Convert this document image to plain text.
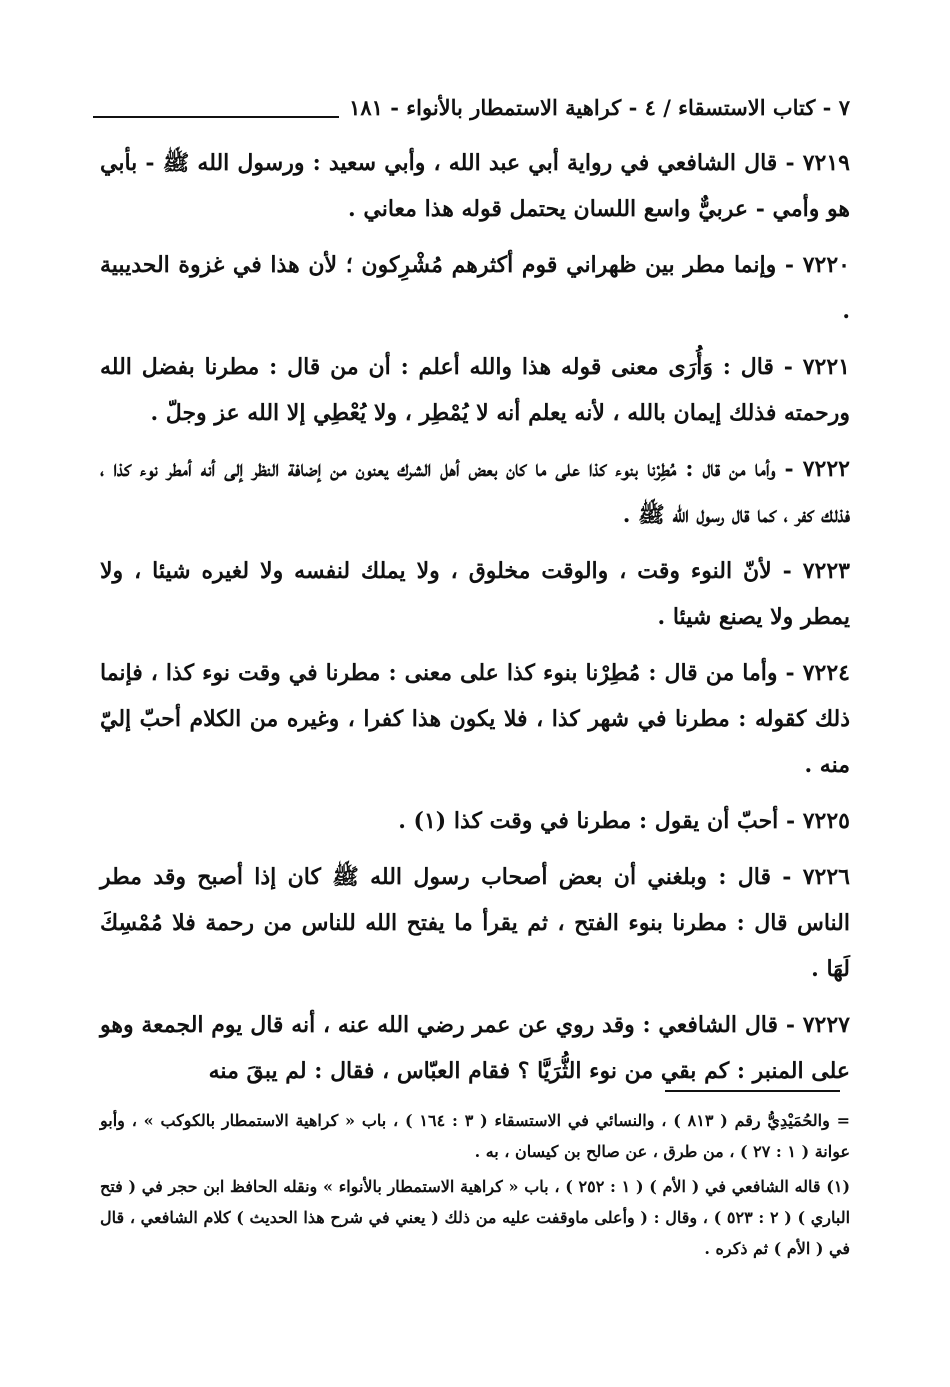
٧ - كتاب الاستسقاء / ٤ - كراهية الاستمطار بالأنواء - ١٨١

٧٢١٩ - قال الشافعي في رواية أبي عبد الله ، وأبي سعيد : ورسول الله ﷺ - بأبي هو وأمي - عربيٌّ واسع اللسان يحتمل قوله هذا معاني .

٧٢٢٠ - وإنما مطر بين ظهراني قوم أكثرهم مُشْرِكون ؛ لأن هذا في غزوة الحديبية .

٧٢٢١ - قال : وَأُرَى معنى قوله هذا والله أعلم : أن من قال : مطرنا بفضل الله ورحمته فذلك إيمان بالله ، لأنه يعلم أنه لا يُمْطِر ، ولا يُعْطِي إلا الله عز وجلّ .

٧٢٢٢ - وأما من قال : مُطِرْنا بنوء كذا على ما كان بعض أهل الشرك يعنون من إضافة النظر إلى أنه أمطر نوء كذا ، فذلك كفر ، كما قال رسول الله ﷺ .

٧٢٢٣ - لأنّ النوء وقت ، والوقت مخلوق ، ولا يملك لنفسه ولا لغيره شيئا ، ولا يمطر ولا يصنع شيئا .

٧٢٢٤ - وأما من قال : مُطِرْنا بنوء كذا على معنى : مطرنا في وقت نوء كذا ، فإنما ذلك كقوله : مطرنا في شهر كذا ، فلا يكون هذا كفرا ، وغيره من الكلام أحبّ إليّ منه .

٧٢٢٥ - أحبّ أن يقول : مطرنا في وقت كذا (١) .

٧٢٢٦ - قال : وبلغني أن بعض أصحاب رسول الله ﷺ كان إذا أصبح وقد مطر الناس قال : مطرنا بنوء الفتح ، ثم يقرأ ما يفتح الله للناس من رحمة فلا مُمْسِكَ لَهَا .

٧٢٢٧ - قال الشافعي : وقد روي عن عمر رضي الله عنه ، أنه قال يوم الجمعة وهو على المنبر : كم بقي من نوء الثُّرَيَّا ؟ فقام العبّاس ، فقال : لم يبقَ منه

= والحُمَيْدِيُّ رقم ( ٨١٣ ) ، والنسائي في الاستسقاء ( ٣ : ١٦٤ ) ، باب « كراهية الاستمطار بالكوكب » ، وأبو عوانة ( ١ : ٢٧ ) ، من طرق ، عن صالح بن كيسان ، به .

(١) قاله الشافعي في ( الأم ) ( ١ : ٢٥٢ ) ، باب « كراهية الاستمطار بالأنواء » ونقله الحافظ ابن حجر في ( فتح الباري ) ( ٢ : ٥٢٣ ) ، وقال : ( وأعلى ماوقفت عليه من ذلك ( يعني في شرح هذا الحديث ) كلام الشافعي ، قال في ( الأم ) ثم ذكره .
